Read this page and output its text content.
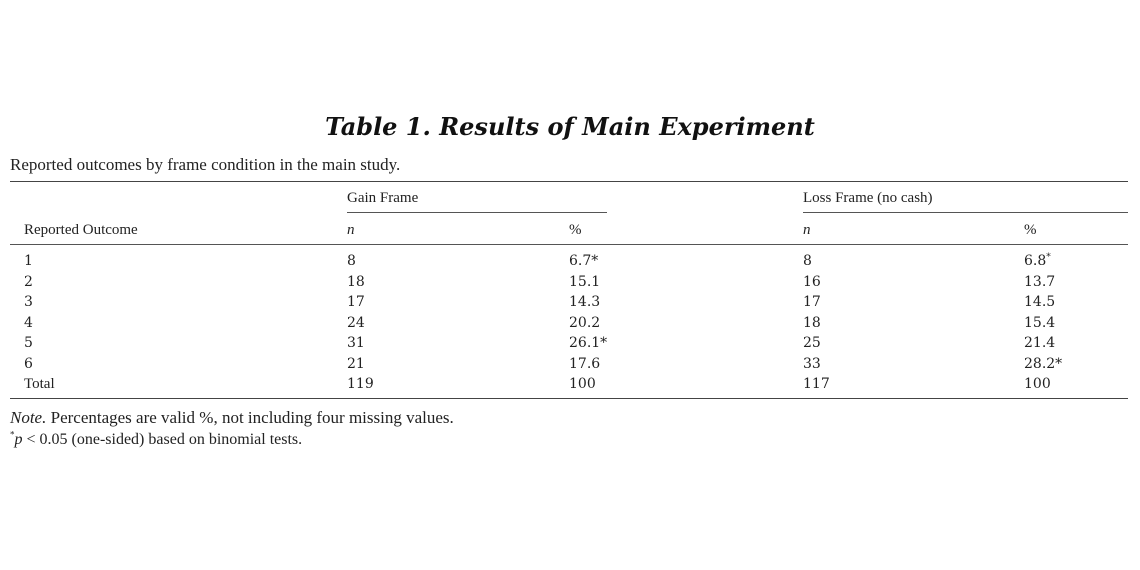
Table 1. Results of Main Experiment
Reported outcomes by frame condition in the main study.
Gain Frame	Loss Frame (no cash)
Reported Outcome	n	%	n	%
1	8	6.7*	8	6.8*
2	18	15.1	16	13.7
3	17	14.3	17	14.5
4	24	20.2	18	15.4
5	31	26.1*	25	21.4
6	21	17.6	33	28.2*
Total	119	100	117	100
Note. Percentages are valid %, not including four missing values.
*p < 0.05 (one-sided) based on binomial tests.
